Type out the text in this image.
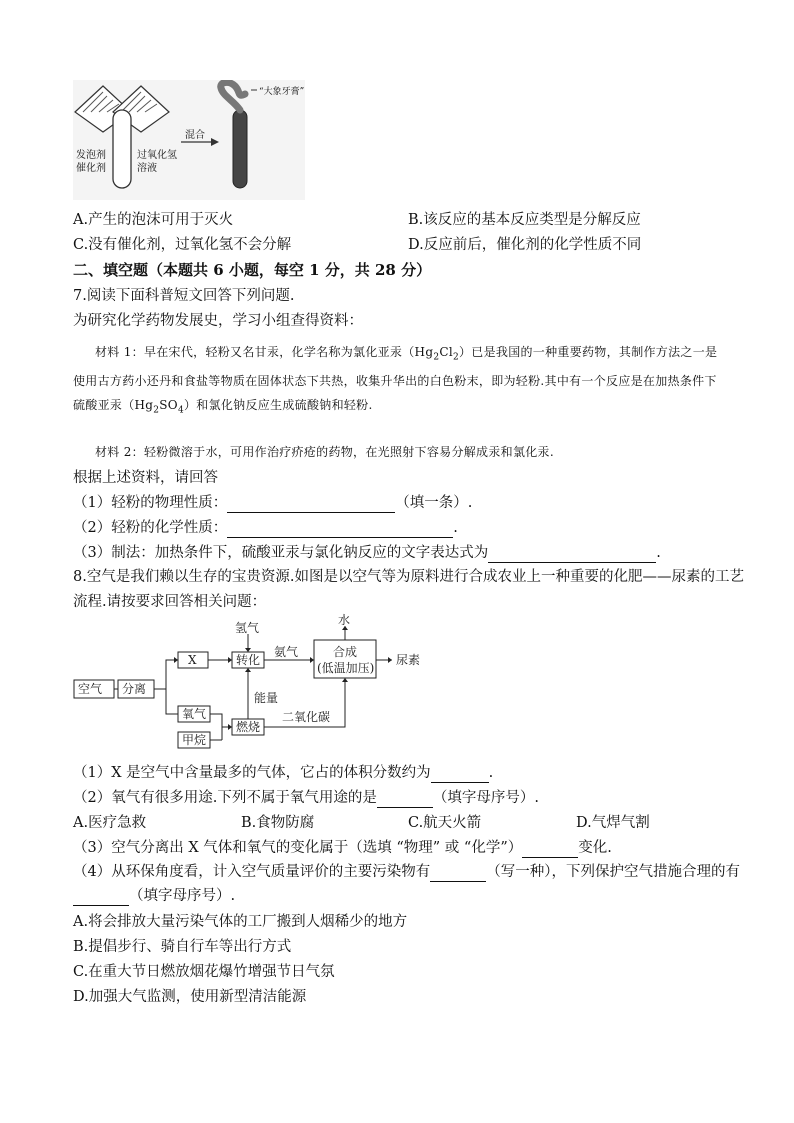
发泡剂
催化剂
过氧化氢
溶液
混合
“大象牙膏”
A.产生的泡沫可用于灭火	B.该反应的基本反应类型是分解反应
C.没有催化剂，过氧化氢不会分解	D.反应前后，催化剂的化学性质不同
二、填空题（本题共 6 小题，每空 1 分，共 28 分）
7.阅读下面科普短文回答下列问题.
为研究化学药物发展史，学习小组查得资料：
材料 1：早在宋代，轻粉又名甘汞，化学名称为氯化亚汞$(Hg_2Cl_2)$已是我国的一种重要药物，其制作方法之一是使用古方药小还丹和食盐等物质在固体状态下共热，收集升华出的白色粉末，即为轻粉.其中有一个反应是在加热条件下硫酸亚汞$(Hg_2SO_4)$和氯化钠反应生成硫酸钠和轻粉.
材料 2：轻粉微溶于水，可用作治疗疥疮的药物，在光照射下容易分解成汞和氯化汞.
根据上述资料，请回答
（1）轻粉的物理性质：	（填一条）.
（2）轻粉的化学性质：	.
（3）制法：加热条件下，硫酸亚汞与氯化钠反应的文字表达式为	.
8.空气是我们赖以生存的宝贵资源.如图是以空气等为原料进行合成农业上一种重要的化肥——尿素的工艺
流程.请按要求回答相关问题：
空气 分离
X
氢气
转化
氨气
水
合成
(低温加压)
尿素
氧气
能量
甲烷
燃烧
二氧化碳
（1）X 是空气中含量最多的气体，它占的体积分数约为	.
（2）氧气有很多用途.下列不属于氧气用途的是	（填字母序号）.
A.医疗急救	B.食物防腐	C.航天火箭	D.气焊气割
（3）空气分离出 X 气体和氧气的变化属于（选填 “物理” 或 “化学”）	变化.
（4）从环保角度看，计入空气质量评价的主要污染物有	（写一种），下列保护空气措施合理的有
（填字母序号）.
A.将会排放大量污染气体的工厂搬到人烟稀少的地方
B.提倡步行、骑自行车等出行方式
C.在重大节日燃放烟花爆竹增强节日气氛
D.加强大气监测，使用新型清洁能源
